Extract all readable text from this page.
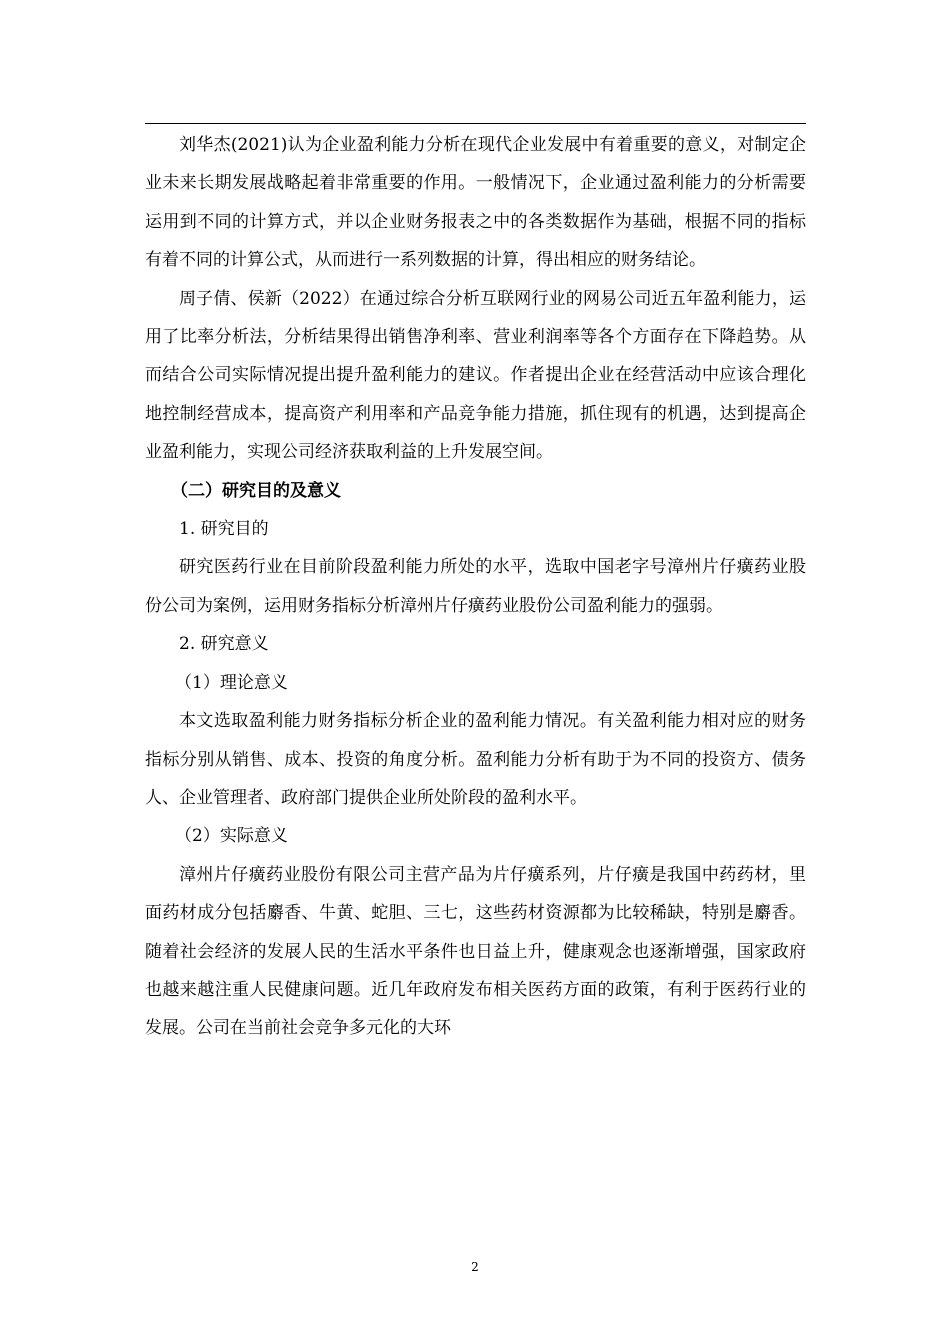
刘华杰(2021)认为企业盈利能力分析在现代企业发展中有着重要的意义，对制定企业未来长期发展战略起着非常重要的作用。一般情况下，企业通过盈利能力的分析需要运用到不同的计算方式，并以企业财务报表之中的各类数据作为基础，根据不同的指标有着不同的计算公式，从而进行一系列数据的计算，得出相应的财务结论。

周子倩、侯新（2022）在通过综合分析互联网行业的网易公司近五年盈利能力，运用了比率分析法，分析结果得出销售净利率、营业利润率等各个方面存在下降趋势。从而结合公司实际情况提出提升盈利能力的建议。作者提出企业在经营活动中应该合理化地控制经营成本，提高资产利用率和产品竞争能力措施，抓住现有的机遇，达到提高企业盈利能力，实现公司经济获取利益的上升发展空间。

（二）研究目的及意义

1. 研究目的

研究医药行业在目前阶段盈利能力所处的水平，选取中国老字号漳州片仔癀药业股份公司为案例，运用财务指标分析漳州片仔癀药业股份公司盈利能力的强弱。

2. 研究意义

（1）理论意义

本文选取盈利能力财务指标分析企业的盈利能力情况。有关盈利能力相对应的财务指标分别从销售、成本、投资的角度分析。盈利能力分析有助于为不同的投资方、债务人、企业管理者、政府部门提供企业所处阶段的盈利水平。

（2）实际意义

漳州片仔癀药业股份有限公司主营产品为片仔癀系列，片仔癀是我国中药药材，里面药材成分包括麝香、牛黄、蛇胆、三七，这些药材资源都为比较稀缺，特别是麝香。随着社会经济的发展人民的生活水平条件也日益上升，健康观念也逐渐增强，国家政府也越来越注重人民健康问题。近几年政府发布相关医药方面的政策，有利于医药行业的发展。公司在当前社会竞争多元化的大环

2
